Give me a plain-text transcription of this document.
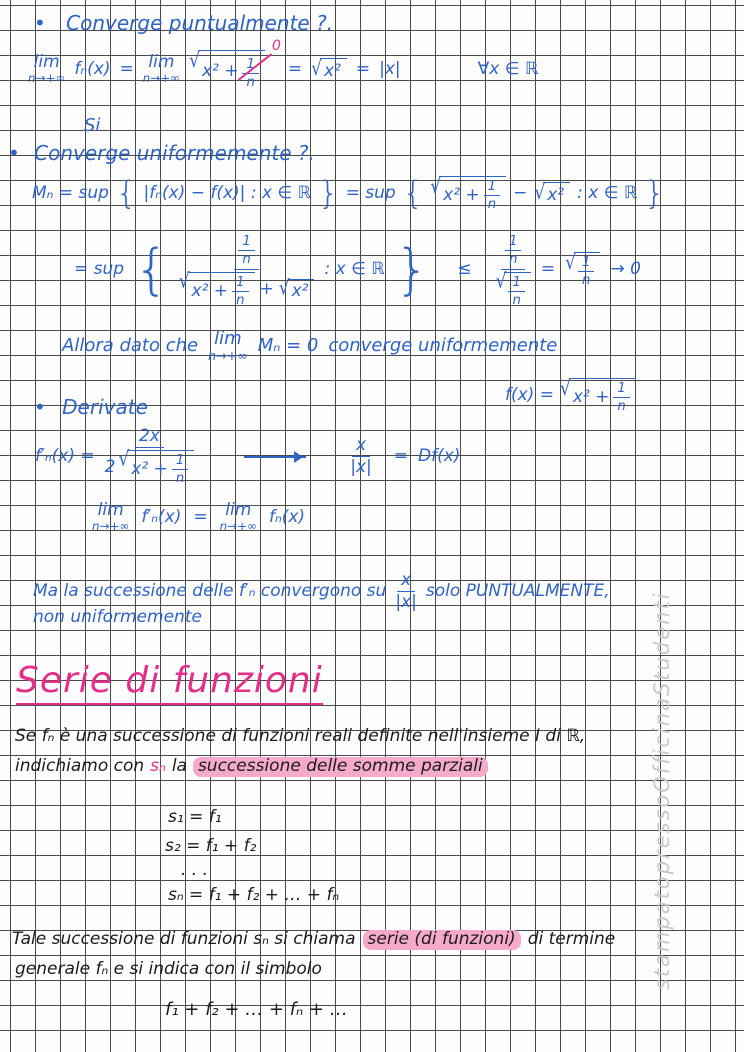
stampatopressoOfficinaStudenti
• Converge puntualmente ?.
lim
n→+∞ fₙ(x) = lim
n→+∞
√ $x^2 + \frac{1}{n}$
0
= √ x² = |x|	∀x ∈ ℝ
Si
• Converge uniformemente ?.
Mₙ = sup { |fₙ(x) − f(x)| : x ∈ ℝ } = sup { √ $x^2 + \frac{1}{n}$ − √ x² : x ∈ ℝ }
= sup {	$\frac{1}{n}$
√ $x^2 + \frac{1}{n}$ + √ x²
: x ∈ ℝ } ≤ $\frac{\frac{1}{n}}{√ \frac{1}{n}}$ = √ $\frac{1}{n} \to 0$
Allora dato che lim
n→+∞ Mₙ = 0 converge uniformemente
f(x) = √ $x^2 + \frac{1}{n}$
• Derivate
f′ₙ(x) =
2x
2 √ $x^2 + \frac{1}{n}$	$\frac{x}{|x|} = Df(x)$
lim
n→+∞ f′ₙ(x) = lim
n→+∞ fₙ(x)
Ma la successione delle f′ₙ convergono su $\frac{x}{|x|}$ solo PUNTUALMENTE,
non uniformemente
Serie di funzioni
Se fₙ è una successione di funzioni reali definite nell'insieme I di ℝ,
indichiamo con sₙ la successione delle somme parziali
s₁ = f₁
s₂ = f₁ + f₂
· · ·
sₙ = f₁ + f₂ + … + fₙ
Tale successione di funzioni sₙ si chiama serie (di funzioni) di termine
generale fₙ e si indica con il simbolo
f₁ + f₂ + … + fₙ + …
